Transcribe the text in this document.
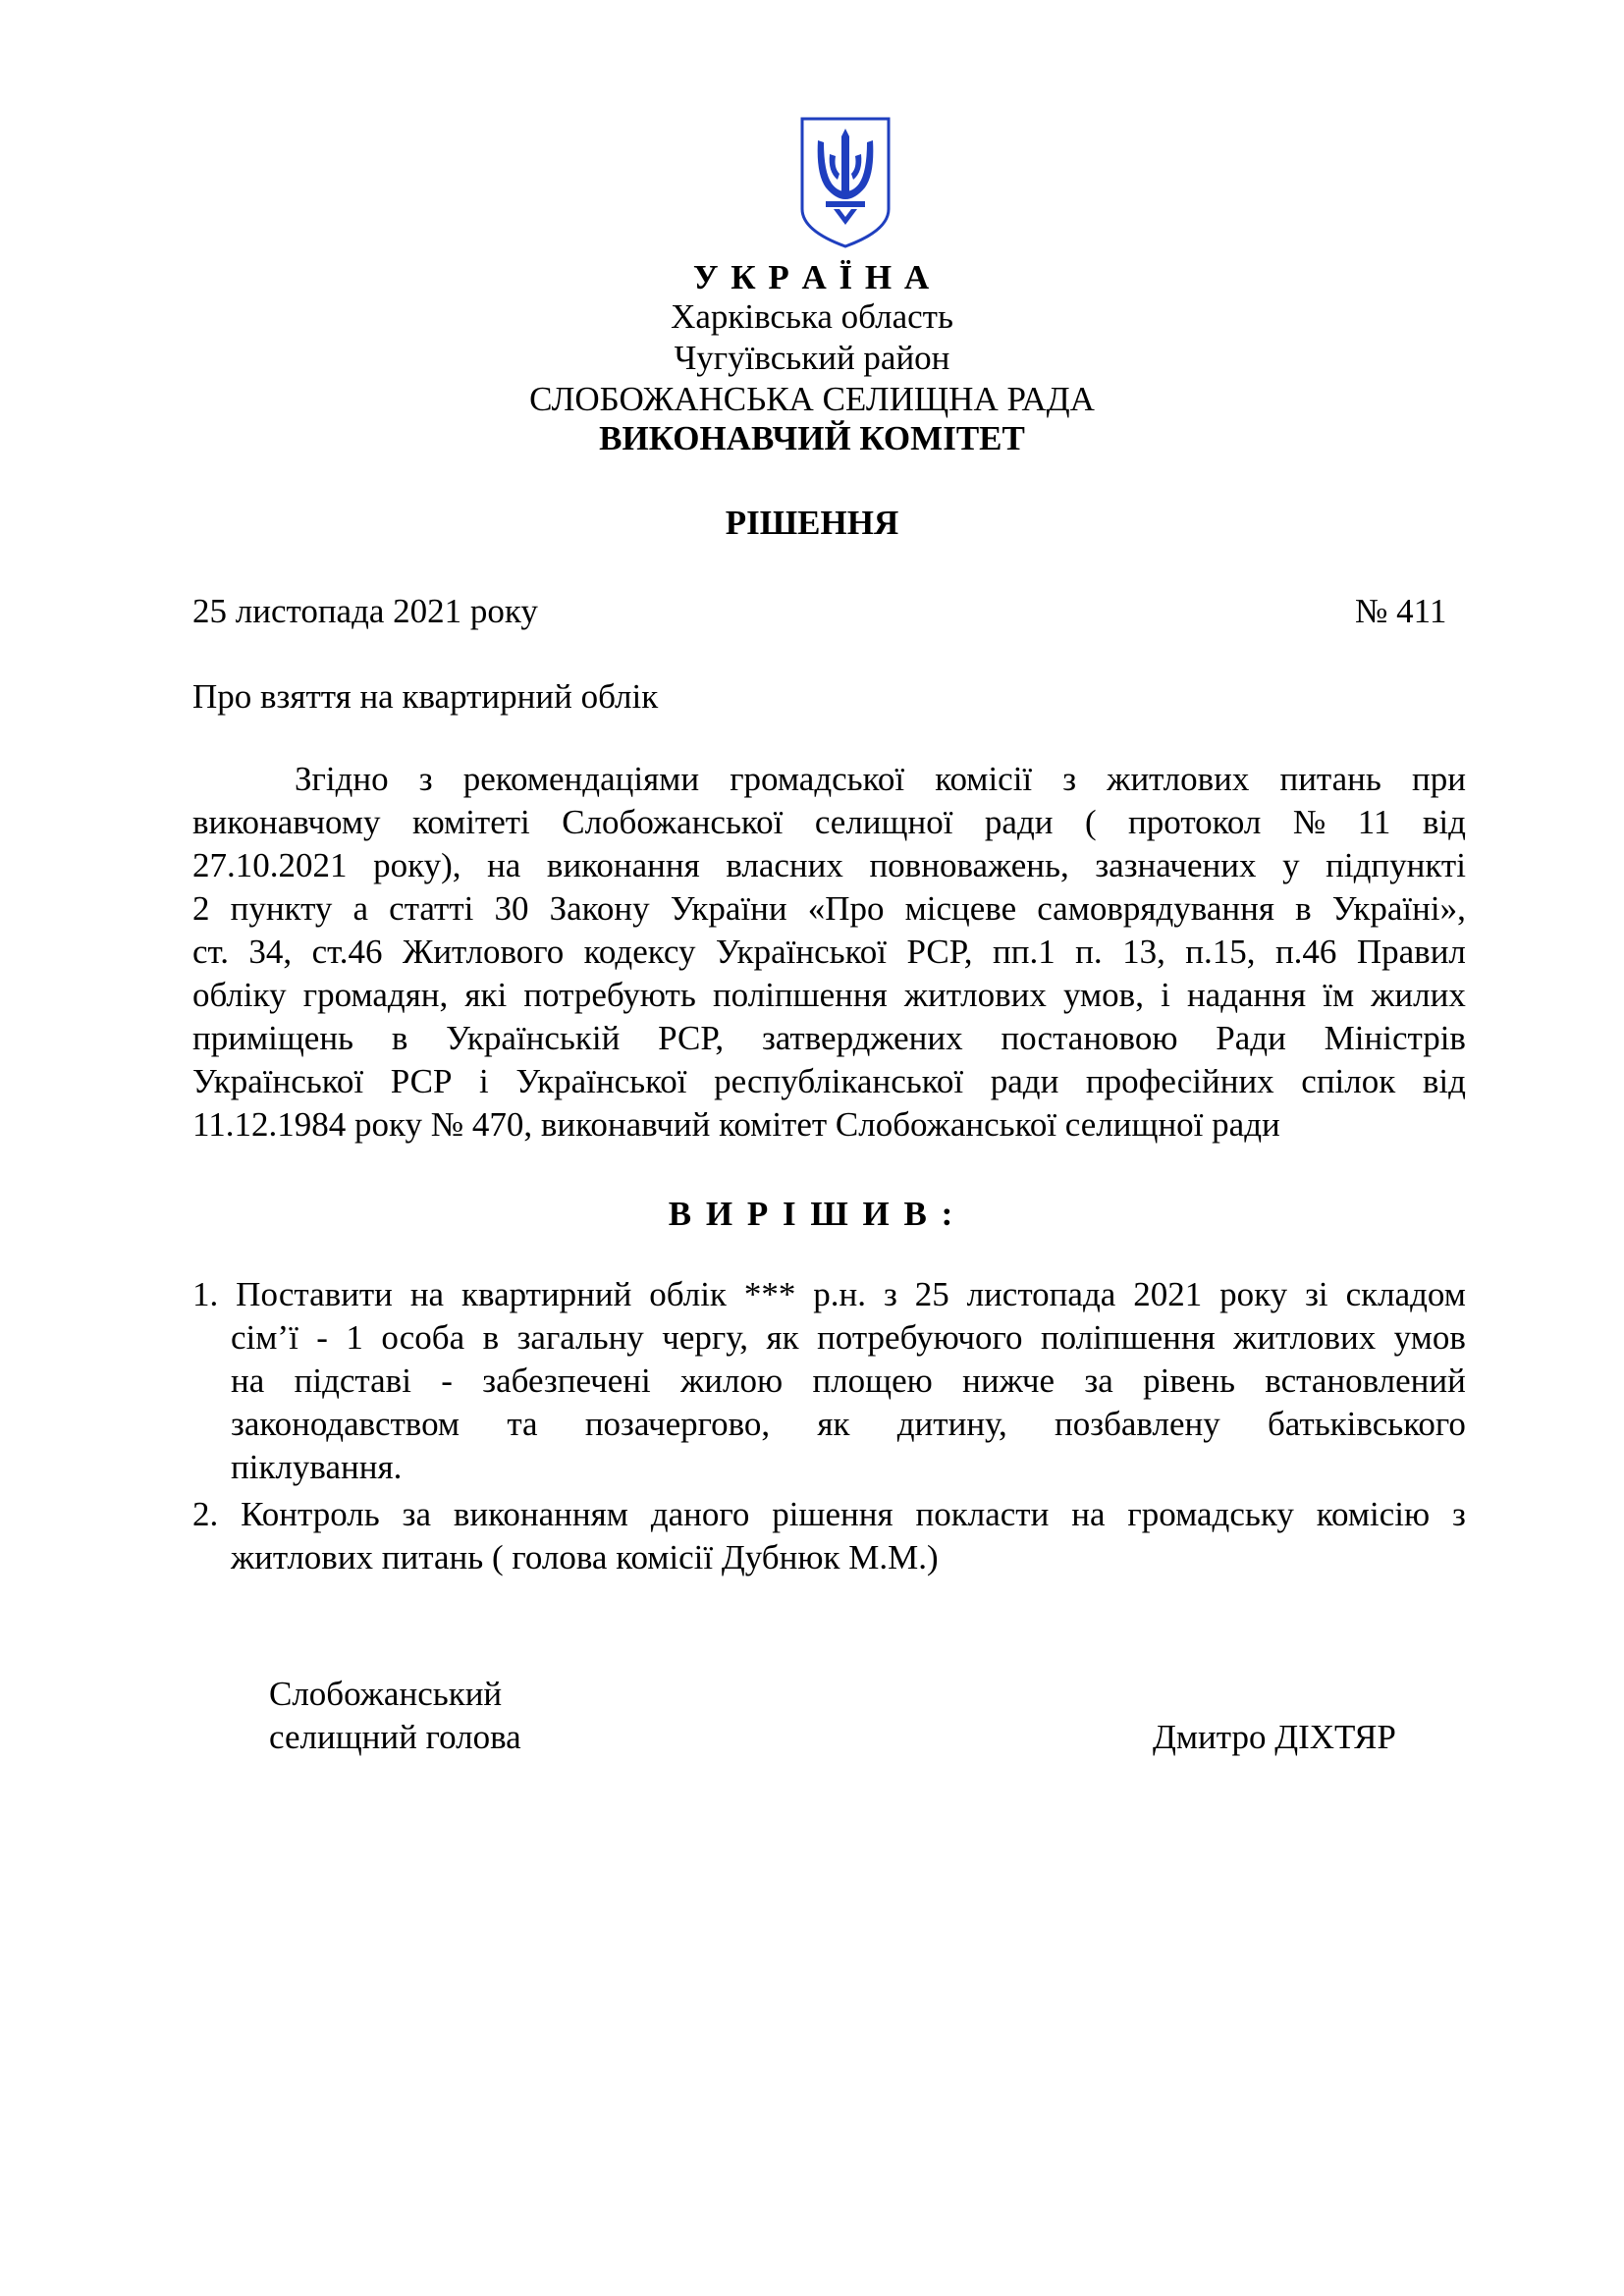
У К Р А Ї Н А
Харківська область
Чугуївський район
СЛОБОЖАНСЬКА СЕЛИЩНА РАДА
ВИКОНАВЧИЙ КОМІТЕТ
РІШЕННЯ
25 листопада 2021 року	№ 411
Про взяття на квартирний облік
Згідно з рекомендаціями громадської комісії з житлових питань при
виконавчому комітеті Слобожанської селищної ради ( протокол № 11 від
27.10.2021 року), на виконання власних повноважень, зазначених у підпункті
2 пункту а статті 30 Закону України «Про місцеве самоврядування в Україні»,
ст. 34, ст.46 Житлового кодексу Української РСР, пп.1 п. 13, п.15, п.46 Правил
обліку громадян, які потребують поліпшення житлових умов, і надання їм жилих
приміщень в Українській РСР, затверджених постановою Ради Міністрів
Української РСР і Української республіканської ради професійних спілок від
11.12.1984 року № 470, виконавчий комітет Слобожанської селищної ради
В И Р І Ш И В :
1. Поставити на квартирний облік *** р.н. з 25 листопада 2021 року зі складом
сім’ї - 1 особа в загальну чергу, як потребуючого поліпшення житлових умов
на підставі - забезпечені жилою площею нижче за рівень встановлений
законодавством та позачергово, як дитину, позбавлену батьківського
піклування.
2. Контроль за виконанням даного рішення покласти на громадську комісію з
житлових питань ( голова комісії Дубнюк М.М.)
Слобожанський
селищний голова	Дмитро ДІХТЯР
